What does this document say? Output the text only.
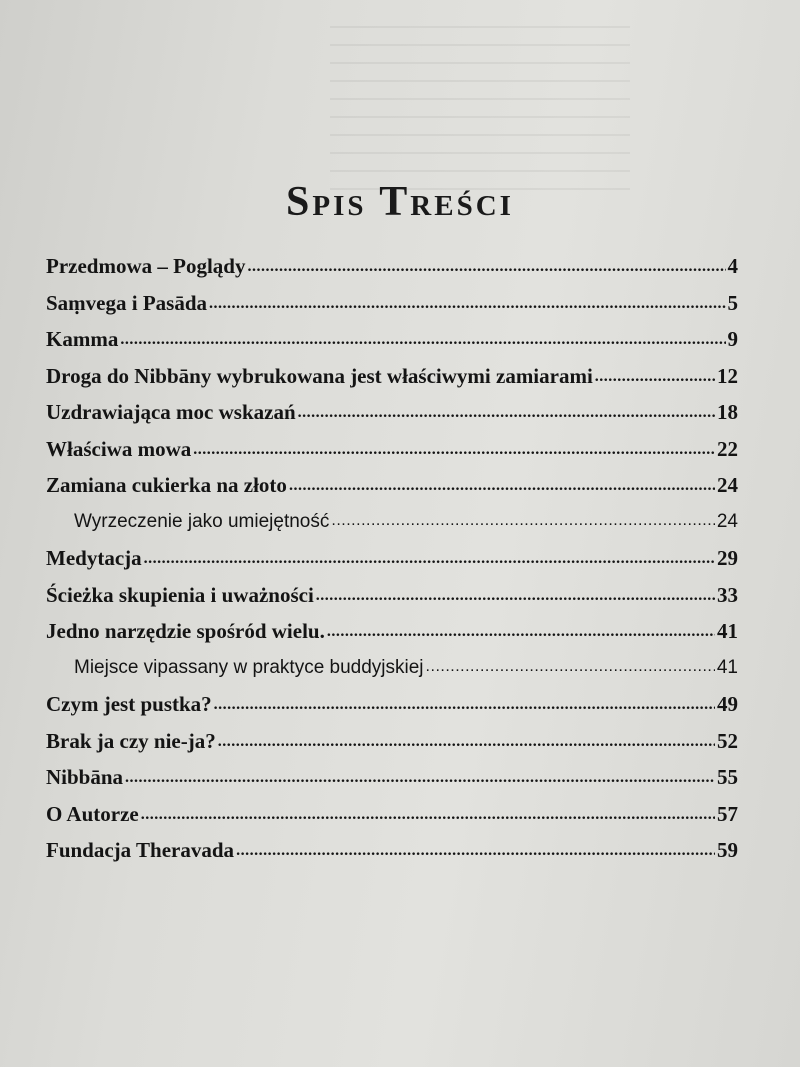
Spis Treści
Przedmowa – Poglądy .....	4
Saṃvega i Pasāda .....	5
Kamma .....	9
Droga do Nibbāny wybrukowana jest właściwymi zamiarami .....	12
Uzdrawiająca moc wskazań .....	18
Właściwa mowa .....	22
Zamiana cukierka na złoto .....	24
Wyrzeczenie jako umiejętność .....	24
Medytacja .....	29
Ścieżka skupienia i uważności .....	33
Jedno narzędzie spośród wielu. .....	41
Miejsce vipassany w praktyce buddyjskiej .....	41
Czym jest pustka? .....	49
Brak ja czy nie-ja? .....	52
Nibbāna .....	55
O Autorze .....	57
Fundacja Theravada .....	59
